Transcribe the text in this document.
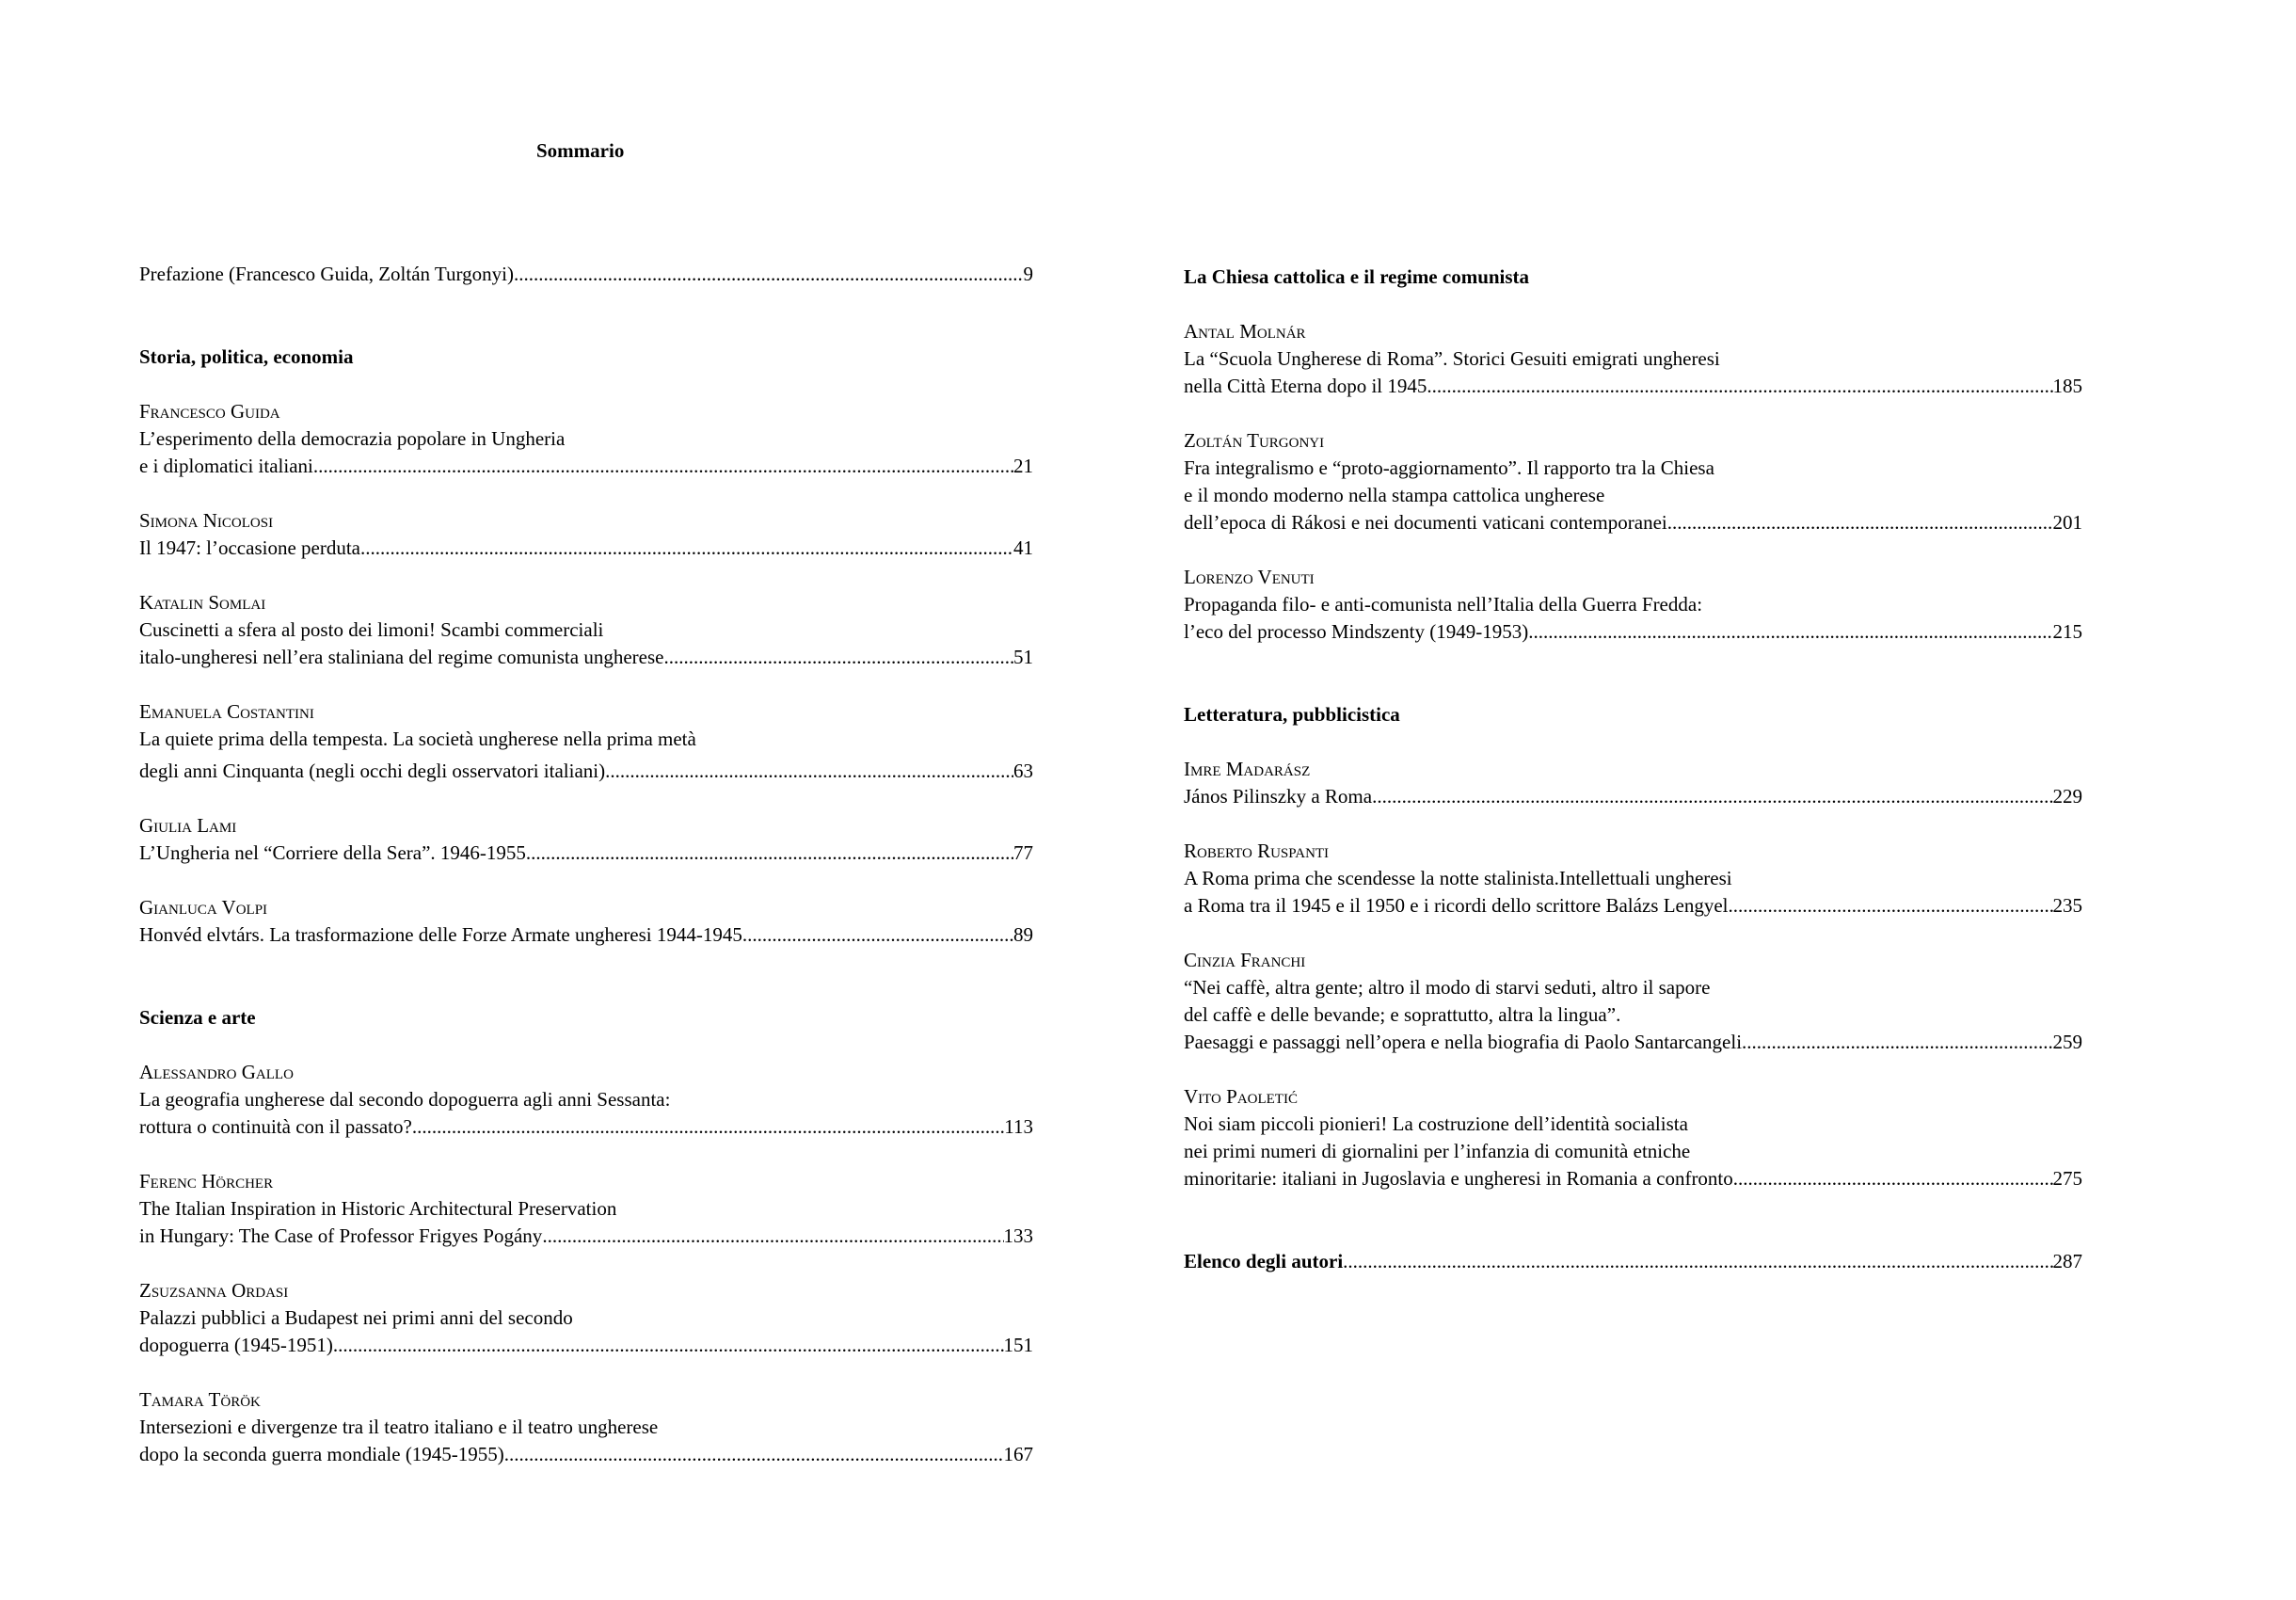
Sommario
Prefazione (Francesco Guida, Zoltán Turgonyi) .....	9
Storia, politica, economia
Francesco Guida
L’esperimento della democrazia popolare in Ungheria
e i diplomatici italiani .....	21
Simona Nicolosi
Il 1947: l’occasione perduta .....	41
Katalin Somlai
Cuscinetti a sfera al posto dei limoni! Scambi commerciali
italo-ungheresi nell’era staliniana del regime comunista ungherese .....	51
Emanuela Costantini
La quiete prima della tempesta. La società ungherese nella prima metà
degli anni Cinquanta (negli occhi degli osservatori italiani) .....	63
Giulia Lami
L’Ungheria nel “Corriere della Sera”. 1946-1955 .....	77
Gianluca Volpi
Honvéd elvtárs. La trasformazione delle Forze Armate ungheresi 1944-1945 .....	89
Scienza e arte
Alessandro Gallo
La geografia ungherese dal secondo dopoguerra agli anni Sessanta:
rottura o continuità con il passato? .....	113
Ferenc Hörcher
The Italian Inspiration in Historic Architectural Preservation
in Hungary: The Case of Professor Frigyes Pogány .....	133
Zsuzsanna Ordasi
Palazzi pubblici a Budapest nei primi anni del secondo
dopoguerra (1945-1951) .....	151
Tamara Török
Intersezioni e divergenze tra il teatro italiano e il teatro ungherese
dopo la seconda guerra mondiale (1945-1955) .....	167
La Chiesa cattolica e il regime comunista
Antal Molnár
La “Scuola Ungherese di Roma”. Storici Gesuiti emigrati ungheresi
nella Città Eterna dopo il 1945 .....	185
Zoltán Turgonyi
Fra integralismo e “proto-aggiornamento”. Il rapporto tra la Chiesa
e il mondo moderno nella stampa cattolica ungherese
dell’epoca di Rákosi e nei documenti vaticani contemporanei .....	201
Lorenzo Venuti
Propaganda filo- e anti-comunista nell’Italia della Guerra Fredda:
l’eco del processo Mindszenty (1949-1953) .....	215
Letteratura, pubblicistica
Imre Madarász
János Pilinszky a Roma .....	229
Roberto Ruspanti
A Roma prima che scendesse la notte stalinista.Intellettuali ungheresi
a Roma tra il 1945 e il 1950 e i ricordi dello scrittore Balázs Lengyel .....	235
Cinzia Franchi
“Nei caffè, altra gente; altro il modo di starvi seduti, altro il sapore
del caffè e delle bevande; e soprattutto, altra la lingua”.
Paesaggi e passaggi nell’opera e nella biografia di Paolo Santarcangeli .....	259
Vito Paoletić
Noi siam piccoli pionieri! La costruzione dell’identità socialista
nei primi numeri di giornalini per l’infanzia di comunità etniche
minoritarie: italiani in Jugoslavia e ungheresi in Romania a confronto .....	275
Elenco degli autori .....	287
